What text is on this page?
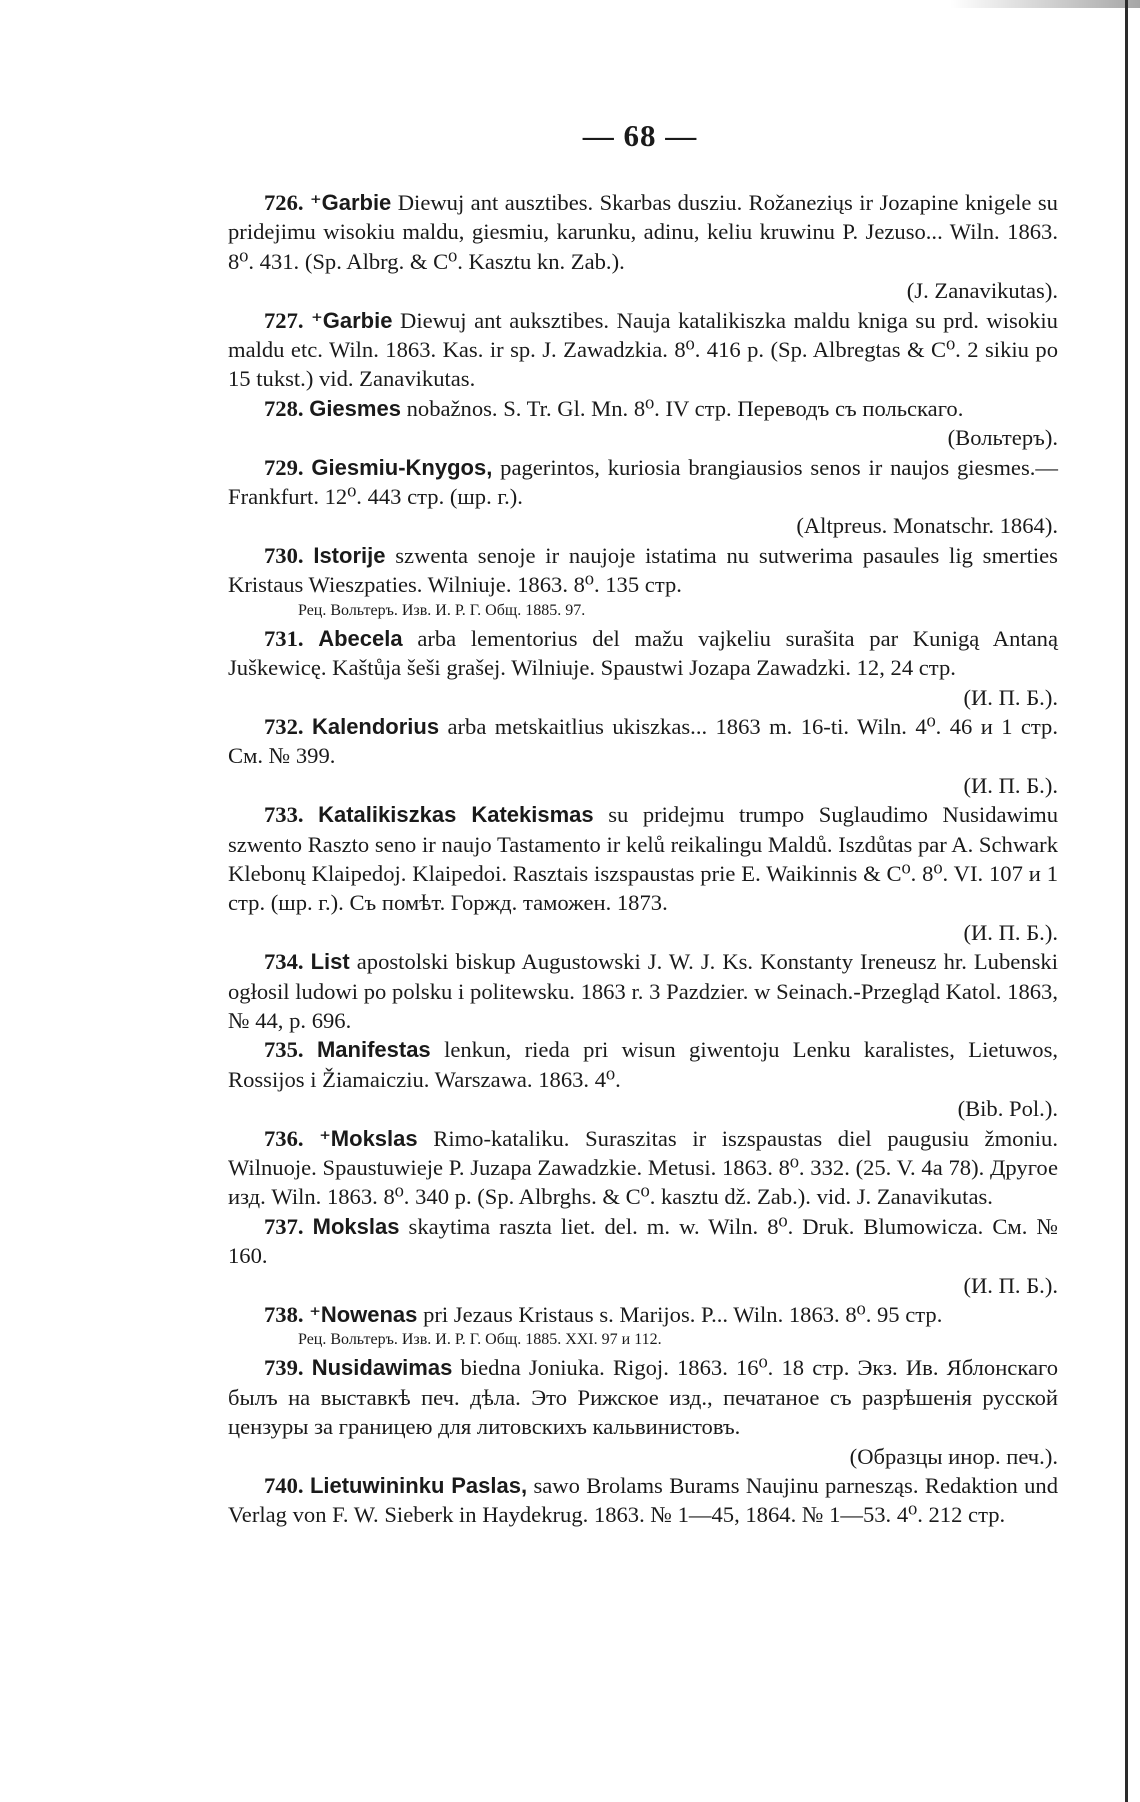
— 68 —

726. ⁺Garbie Diewuj ant ausztibes. Skarbas dusziu. Rožaneziųs ir Jozapine knigele su pridejimu wisokiu maldu, giesmiu, karunku, adinu, keliu kruwinu P. Jezuso... Wiln. 1863. 8⁰. 431. (Sp. Albrg. & C⁰. Kasztu kn. Zab.).
(J. Zanavikutas).

727. ⁺Garbie Diewuj ant auksztibes. Nauja katalikiszka maldu kniga su prd. wisokiu maldu etc. Wiln. 1863. Kas. ir sp. J. Zawadzkia. 8⁰. 416 p. (Sp. Albregtas & C⁰. 2 sikiu po 15 tukst.) vid. Zanavikutas.

728. Giesmes nobažnos. S. Tr. Gl. Mn. 8⁰. IV стр. Переводъ съ польскаго.
(Вольтеръ).

729. Giesmiu-Knygos, pagerintos, kuriosia brangiausios senos ir naujos giesmes.—Frankfurt. 12⁰. 443 стр. (шр. г.).
(Altpreus. Monatschr. 1864).

730. Istorije szwenta senoje ir naujoje istatima nu sutwerima pasaules lig smerties Kristaus Wieszpaties. Wilniuje. 1863. 8⁰. 135 стр.
Рец. Вольтеръ. Изв. И. Р. Г. Общ. 1885. 97.

731. Abecela arba lementorius del mažu vajkeliu surašita par Kunigą Antaną Juškewicę. Kaštůja šeši grašej. Wilniuje. Spaustwi Jozapa Zawadzki. 12, 24 стр.
(И. П. Б.).

732. Kalendorius arba metskaitlius ukiszkas... 1863 m. 16-ti. Wiln. 4⁰. 46 и 1 стр. См. № 399.
(И. П. Б.).

733. Katalikiszkas Katekismas su pridejmu trumpo Suglaudimo Nusidawimu szwento Raszto seno ir naujo Tastamento ir kelů reikalingu Maldů. Iszdůtas par A. Schwark Klebonų Klaipedoj. Klaipedoi. Rasztais iszspaustas prie E. Waikinnis & C⁰. 8⁰. VI. 107 и 1 стр. (шр. г.). Съ помѣт. Горжд. таможен. 1873.
(И. П. Б.).

734. List apostolski biskup Augustowski J. W. J. Ks. Konstanty Ireneusz hr. Lubenski ogłosil ludowi po polsku i politewsku. 1863 r. 3 Pazdzier. w Seinach.-Przegląd Katol. 1863, № 44, p. 696.

735. Manifestas lenkun, rieda pri wisun giwentoju Lenku karalistes, Lietuwos, Rossijos i Žiamaicziu. Warszawa. 1863. 4⁰.
(Bib. Pol.).

736. ⁺Mokslas Rimo-kataliku. Suraszitas ir iszspaustas diel paugusiu žmoniu. Wilnuoje. Spaustuwieje P. Juzapa Zawadzkie. Metusi. 1863. 8⁰. 332. (25. V. 4a 78). Другое изд. Wiln. 1863. 8⁰. 340 p. (Sp. Albrghs. & C⁰. kasztu dž. Zab.). vid. J. Zanavikutas.

737. Mokslas skaytima raszta liet. del. m. w. Wiln. 8⁰. Druk. Blumowicza. См. № 160.
(И. П. Б.).

738. ⁺Nowenas pri Jezaus Kristaus s. Marijos. P... Wiln. 1863. 8⁰. 95 стр.
Рец. Вольтеръ. Изв. И. Р. Г. Общ. 1885. XXI. 97 и 112.

739. Nusidawimas biedna Joniuka. Rigoj. 1863. 16⁰. 18 стр. Экз. Ив. Яблонскаго былъ на выставкѣ печ. дѣла. Это Рижское изд., печатаное съ разрѣшенія русской цензуры за границею для литовскихъ кальвинистовъ.
(Образцы инор. печ.).

740. Lietuwininku Paslas, sawo Brolams Burams Naujinu parnesząs. Redaktion und Verlag von F. W. Sieberk in Haydekrug. 1863. № 1—45, 1864. № 1—53. 4⁰. 212 стр.
